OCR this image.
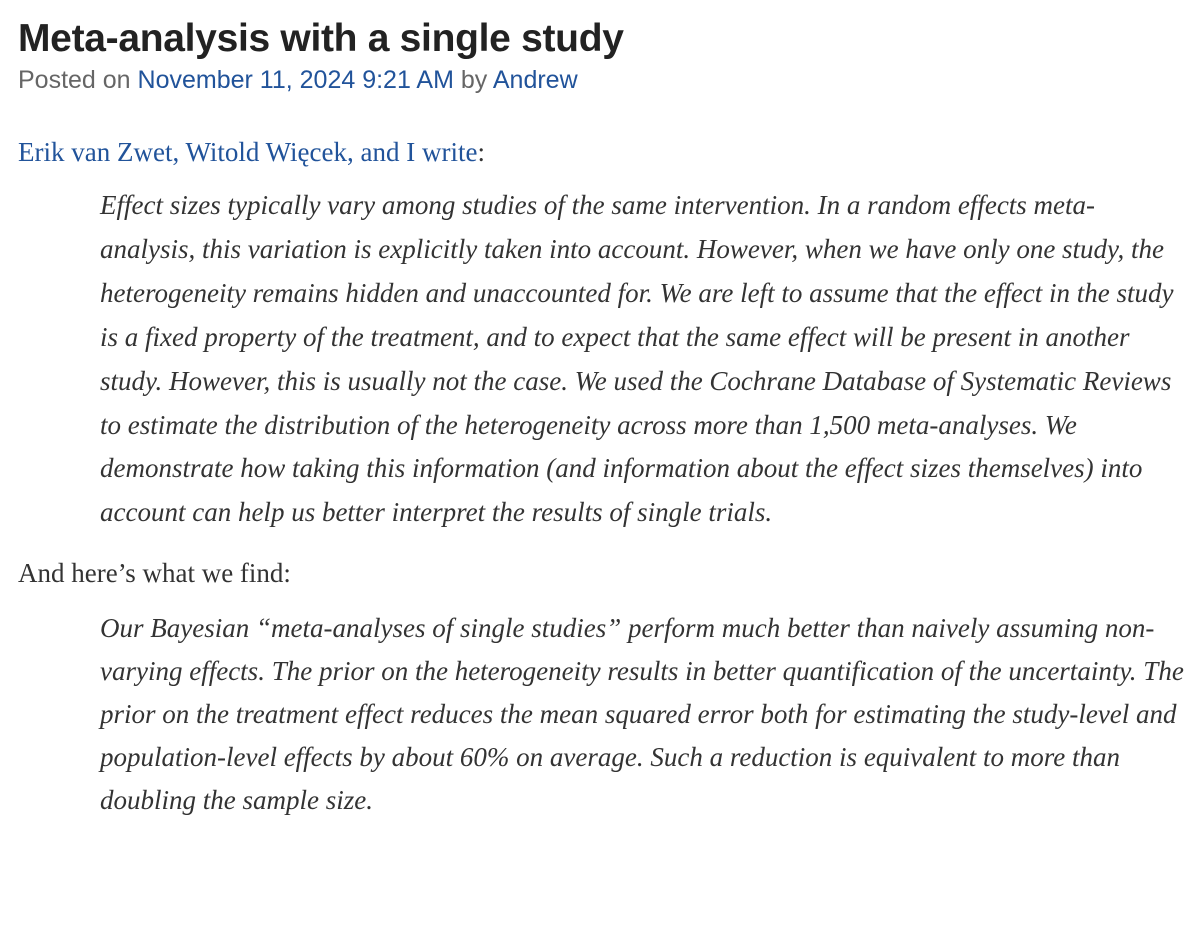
Meta-analysis with a single study

Posted on November 11, 2024 9:21 AM by Andrew

Erik van Zwet, Witold Więcek, and I write:

Effect sizes typically vary among studies of the same intervention. In a random effects meta-analysis, this variation is explicitly taken into account. However, when we have only one study, the heterogeneity remains hidden and unaccounted for. We are left to assume that the effect in the study is a fixed property of the treatment, and to expect that the same effect will be present in another study. However, this is usually not the case. We used the Cochrane Database of Systematic Reviews to estimate the distribution of the heterogeneity across more than 1,500 meta-analyses. We demonstrate how taking this information (and information about the effect sizes themselves) into account can help us better interpret the results of single trials.

And here’s what we find:

Our Bayesian “meta-analyses of single studies” perform much better than naively assuming non-varying effects. The prior on the heterogeneity results in better quantification of the uncertainty. The prior on the treatment effect reduces the mean squared error both for estimating the study-level and population-level effects by about 60% on average. Such a reduction is equivalent to more than doubling the sample size.
